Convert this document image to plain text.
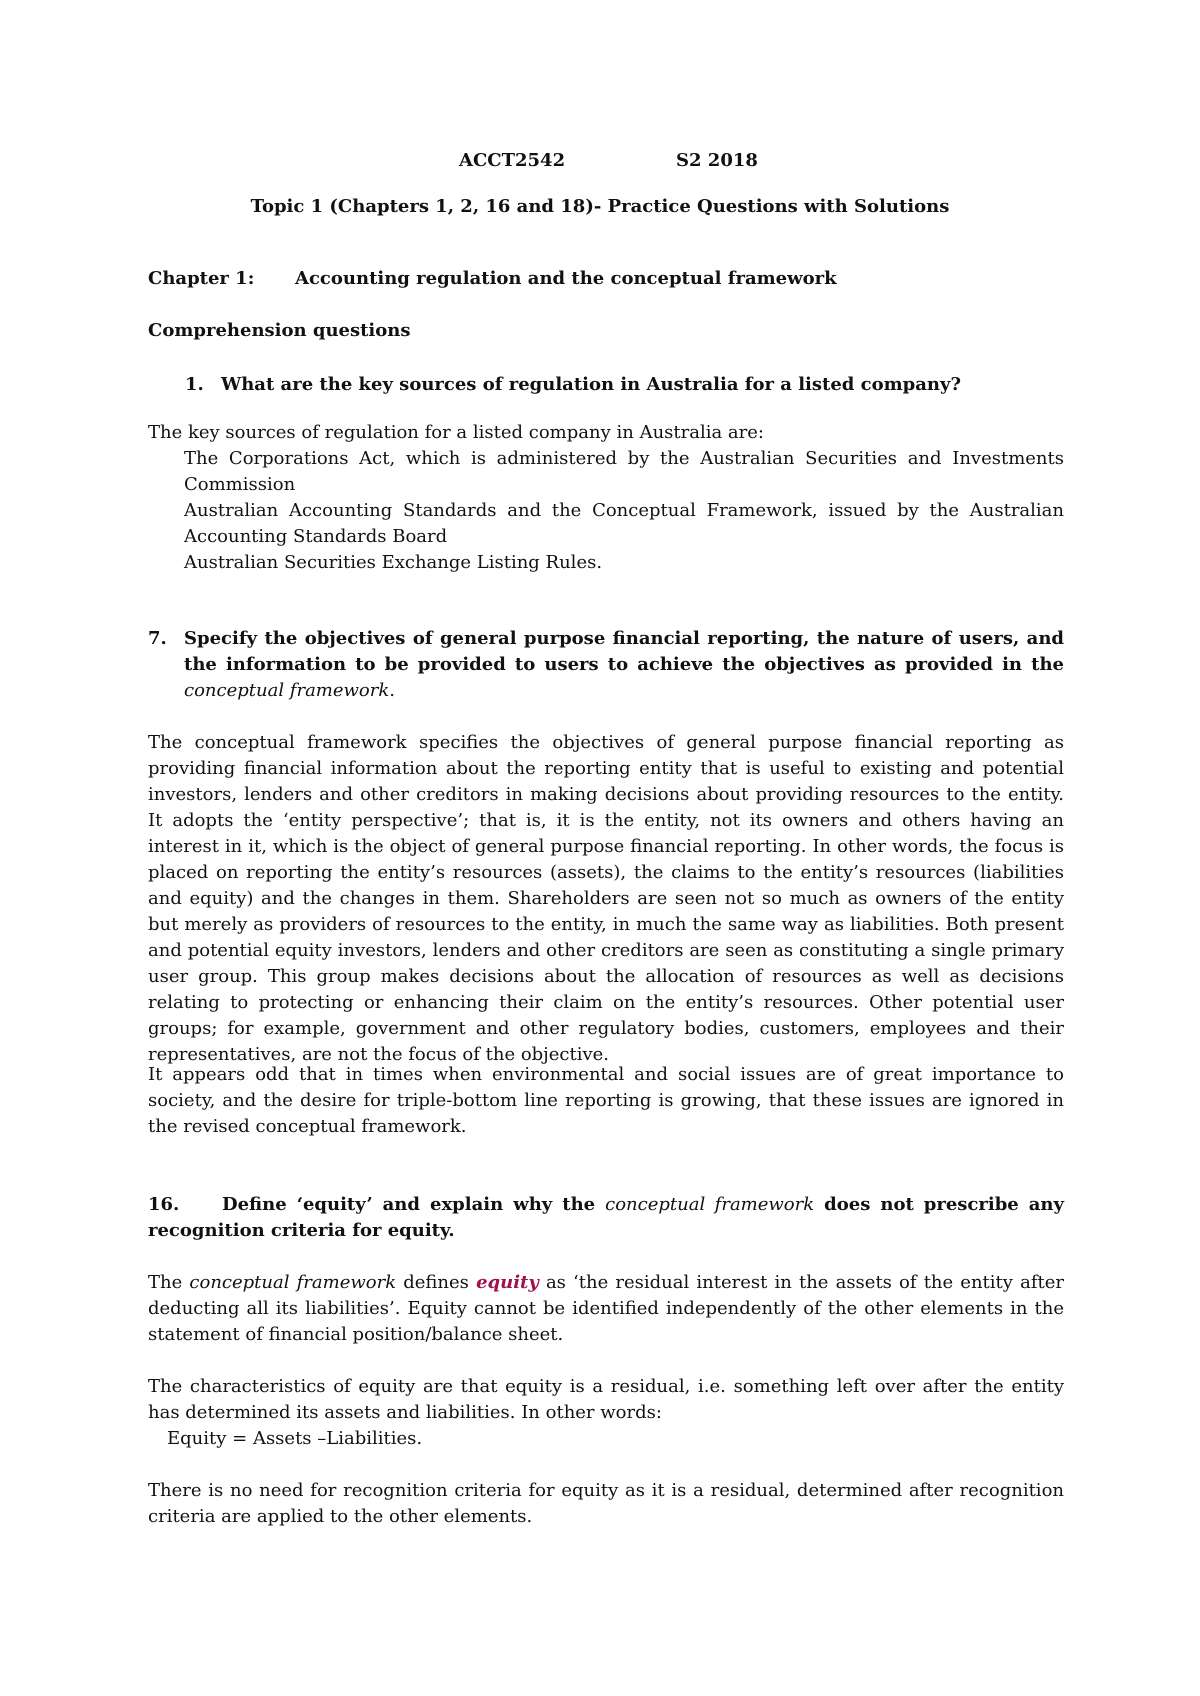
ACCT2542	S2 2018
Topic 1 (Chapters 1, 2, 16 and 18)- Practice Questions with Solutions
Chapter 1: Accounting regulation and the conceptual framework
Comprehension questions
1. What are the key sources of regulation in Australia for a listed company?
The key sources of regulation for a listed company in Australia are:
The Corporations Act, which is administered by the Australian Securities and Investments Commission
Australian Accounting Standards and the Conceptual Framework, issued by the Australian Accounting Standards Board
Australian Securities Exchange Listing Rules.
7. Specify the objectives of general purpose financial reporting, the nature of users, and the information to be provided to users to achieve the objectives as provided in the conceptual framework.
The conceptual framework specifies the objectives of general purpose financial reporting as providing financial information about the reporting entity that is useful to existing and potential investors, lenders and other creditors in making decisions about providing resources to the entity. It adopts the ‘entity perspective’; that is, it is the entity, not its owners and others having an interest in it, which is the object of general purpose financial reporting. In other words, the focus is placed on reporting the entity’s resources (assets), the claims to the entity’s resources (liabilities and equity) and the changes in them. Shareholders are seen not so much as owners of the entity but merely as providers of resources to the entity, in much the same way as liabilities. Both present and potential equity investors, lenders and other creditors are seen as constituting a single primary user group. This group makes decisions about the allocation of resources as well as decisions relating to protecting or enhancing their claim on the entity’s resources. Other potential user groups; for example, government and other regulatory bodies, customers, employees and their representatives, are not the focus of the objective.
It appears odd that in times when environmental and social issues are of great importance to society, and the desire for triple-bottom line reporting is growing, that these issues are ignored in the revised conceptual framework.
16.	Define ‘equity’ and explain why the conceptual framework does not prescribe any recognition criteria for equity.
The conceptual framework defines equity as ‘the residual interest in the assets of the entity after deducting all its liabilities’. Equity cannot be identified independently of the other elements in the statement of financial position/balance sheet.
The characteristics of equity are that equity is a residual, i.e. something left over after the entity has determined its assets and liabilities. In other words:
Equity = Assets –Liabilities.
There is no need for recognition criteria for equity as it is a residual, determined after recognition criteria are applied to the other elements.
